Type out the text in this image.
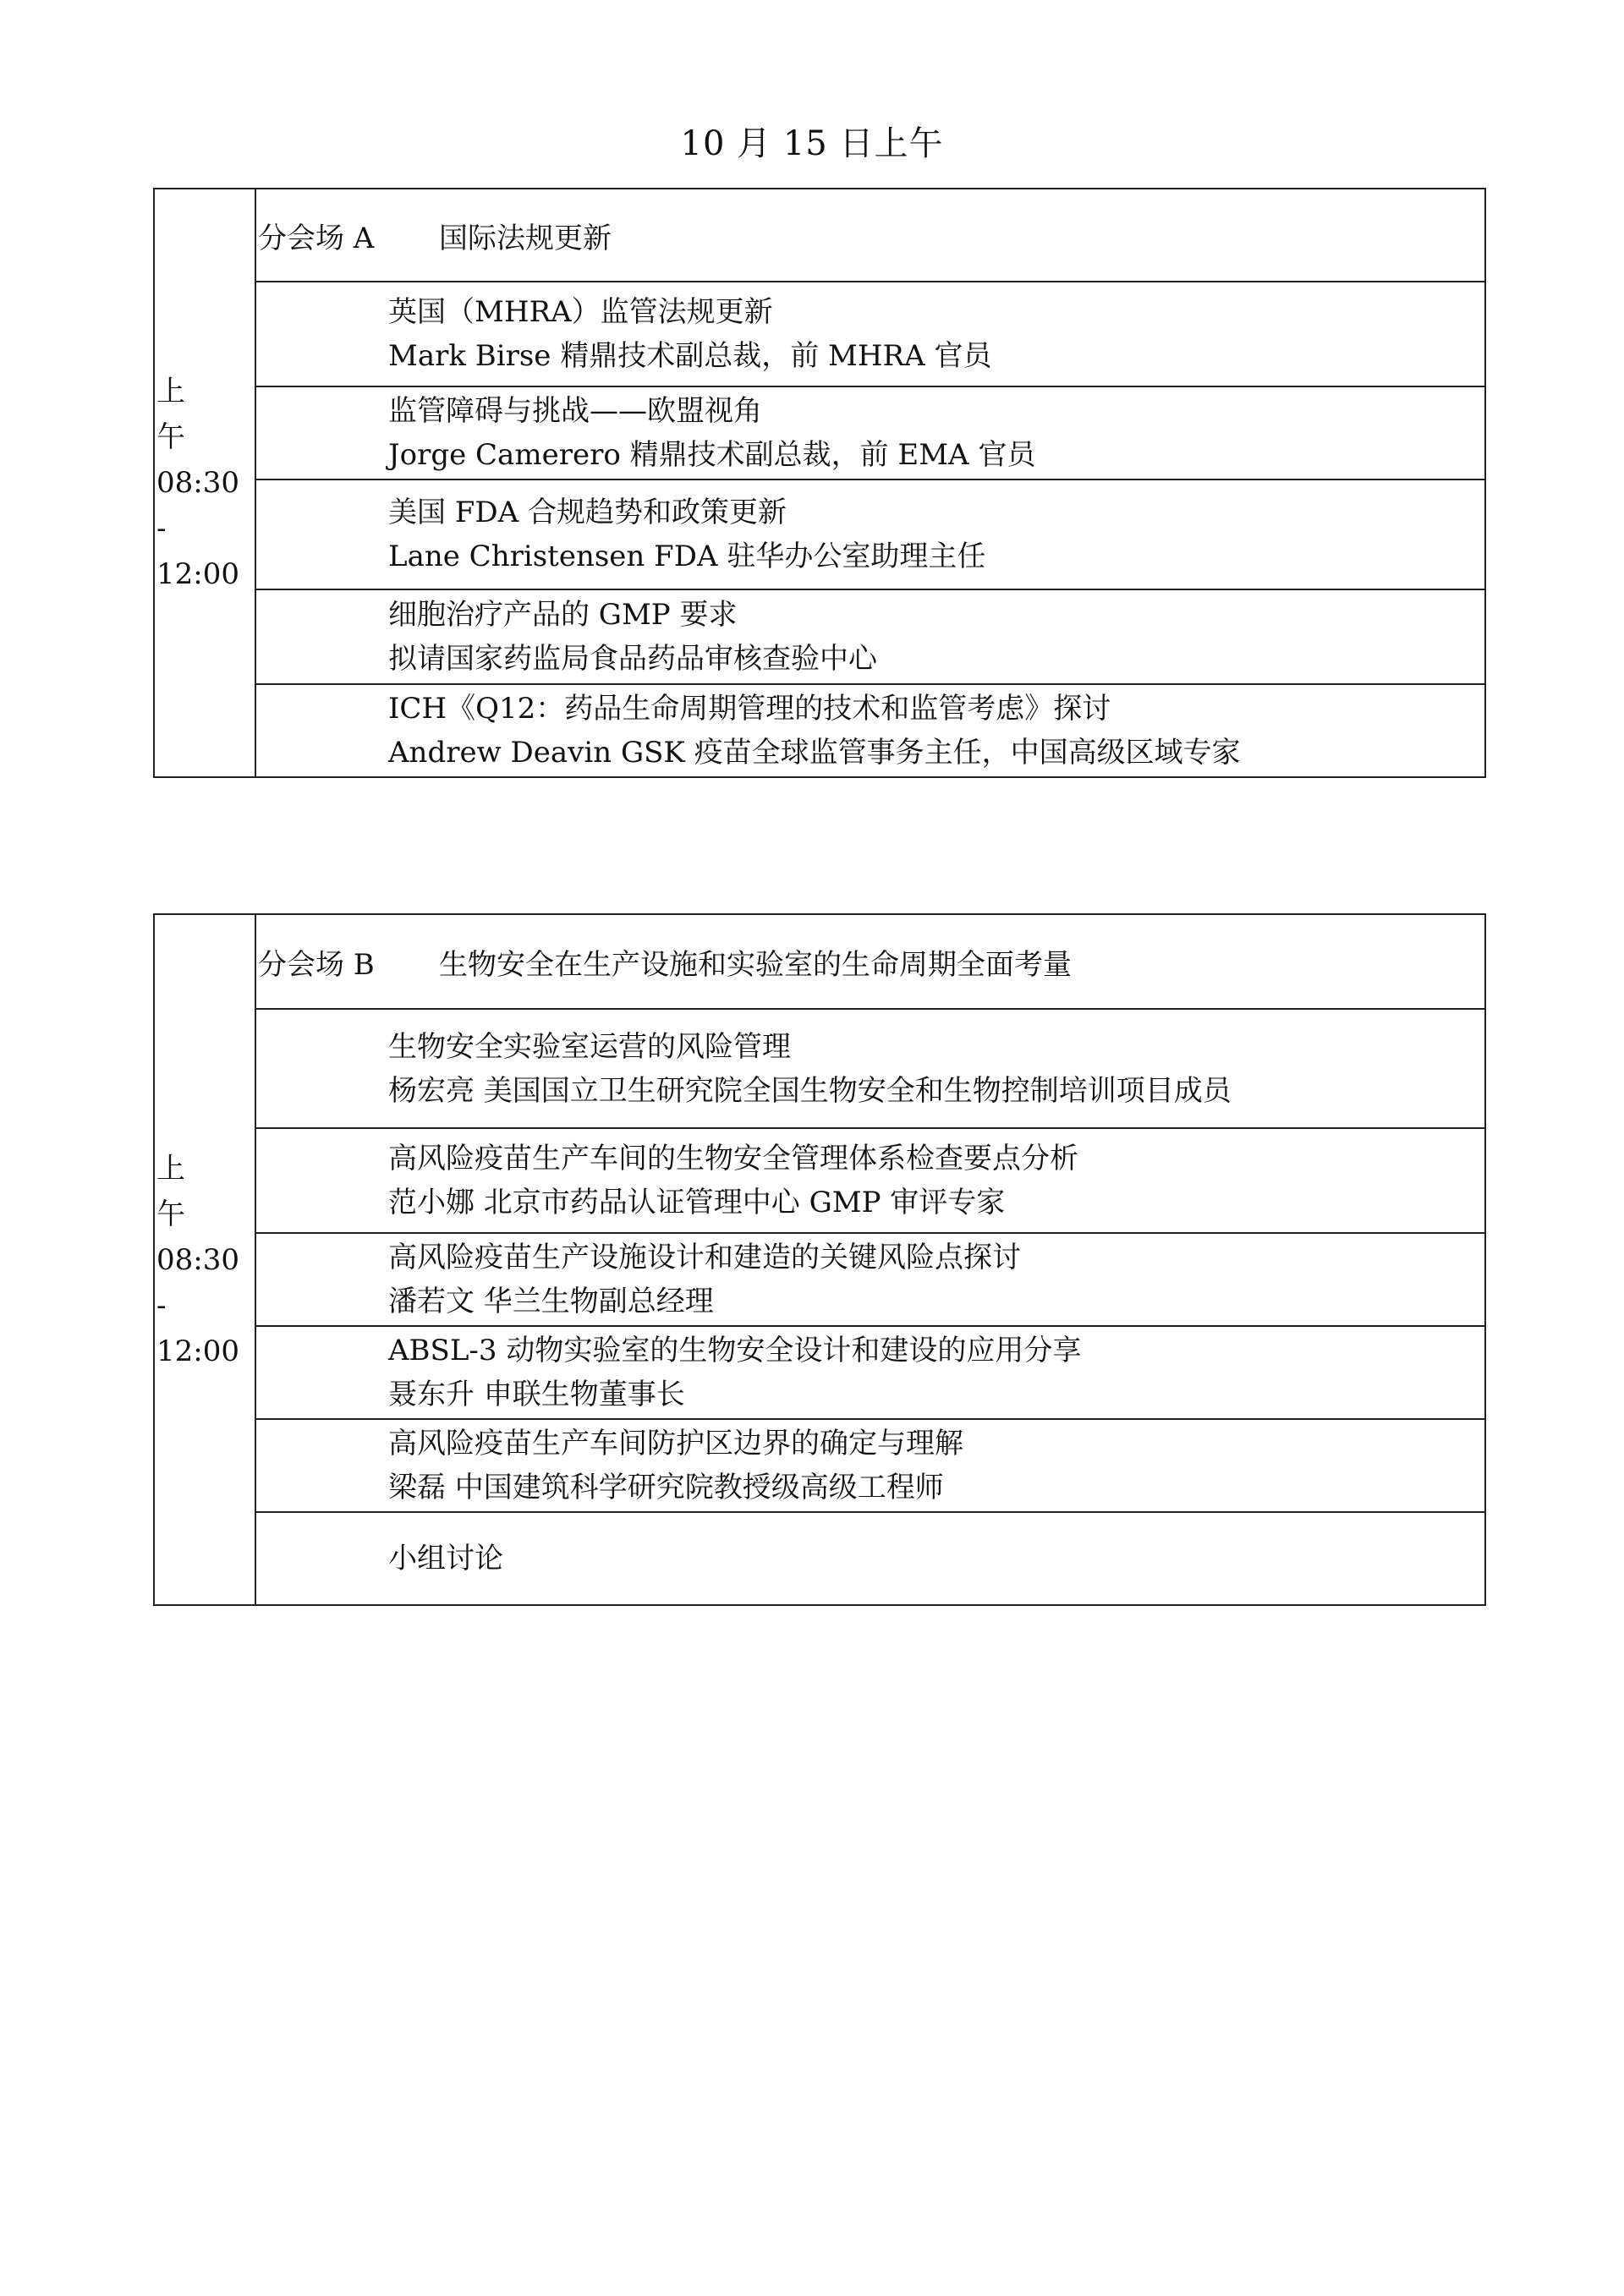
10 月 15 日上午
上 午
08:30 -
12:00
	分会场 A 国际法规更新

英国（MHRA）监管法规更新
Mark Birse 精鼎技术副总裁，前 MHRA 官员

监管障碍与挑战——欧盟视角
Jorge Camerero 精鼎技术副总裁，前 EMA 官员

美国 FDA 合规趋势和政策更新
Lane Christensen FDA 驻华办公室助理主任

细胞治疗产品的 GMP 要求
拟请国家药监局食品药品审核查验中心

ICH《Q12：药品生命周期管理的技术和监管考虑》探讨
Andrew Deavin GSK 疫苗全球监管事务主任，中国高级区域专家
上 午
08:30 -
12:00
	分会场 B 生物安全在生产设施和实验室的生命周期全面考量

生物安全实验室运营的风险管理
杨宏亮 美国国立卫生研究院全国生物安全和生物控制培训项目成员

高风险疫苗生产车间的生物安全管理体系检查要点分析
范小娜 北京市药品认证管理中心 GMP 审评专家

高风险疫苗生产设施设计和建造的关键风险点探讨
潘若文 华兰生物副总经理

ABSL-3 动物实验室的生物安全设计和建设的应用分享
聂东升 申联生物董事长

高风险疫苗生产车间防护区边界的确定与理解
梁磊 中国建筑科学研究院教授级高级工程师

小组讨论
